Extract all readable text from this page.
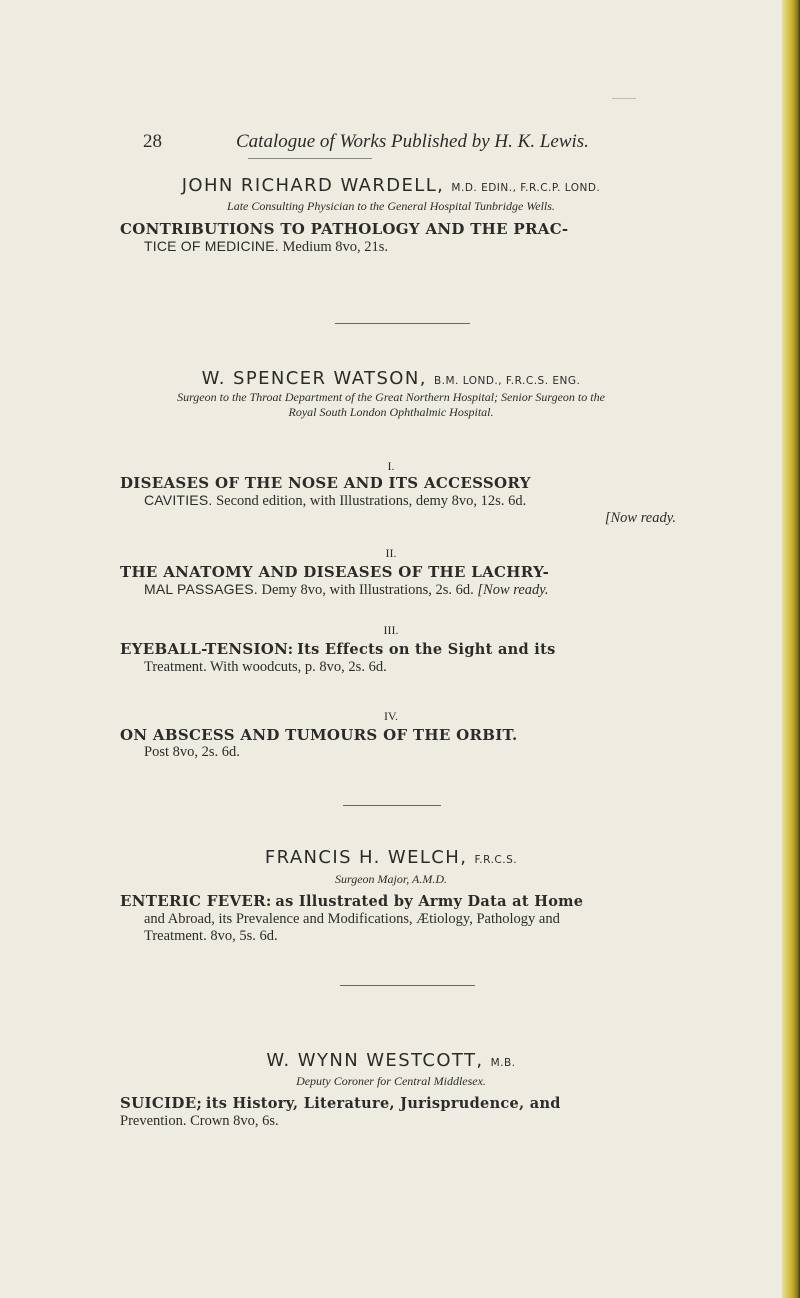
28	Catalogue of Works Published by H. K. Lewis.
JOHN RICHARD WARDELL, M.D. EDIN., F.R.C.P. LOND.
Late Consulting Physician to the General Hospital Tunbridge Wells.
CONTRIBUTIONS TO PATHOLOGY AND THE PRAC-
TICE OF MEDICINE. Medium 8vo, 21s.
W. SPENCER WATSON, B.M. LOND., F.R.C.S. ENG.
Surgeon to the Throat Department of the Great Northern Hospital; Senior Surgeon to the
Royal South London Ophthalmic Hospital.
I.
DISEASES OF THE NOSE AND ITS ACCESSORY
CAVITIES. Second edition, with Illustrations, demy 8vo, 12s. 6d.
[Now ready.
II.
THE ANATOMY AND DISEASES OF THE LACHRY-
MAL PASSAGES. Demy 8vo, with Illustrations, 2s. 6d. [Now ready.
III.
EYEBALL-TENSION: Its Effects on the Sight and its
Treatment. With woodcuts, p. 8vo, 2s. 6d.
IV.
ON ABSCESS AND TUMOURS OF THE ORBIT.
Post 8vo, 2s. 6d.
FRANCIS H. WELCH, F.R.C.S.
Surgeon Major, A.M.D.
ENTERIC FEVER: as Illustrated by Army Data at Home
and Abroad, its Prevalence and Modifications, Ætiology, Pathology and
Treatment. 8vo, 5s. 6d.
W. WYNN WESTCOTT, M.B.
Deputy Coroner for Central Middlesex.
SUICIDE; its History, Literature, Jurisprudence, and
Prevention. Crown 8vo, 6s.
